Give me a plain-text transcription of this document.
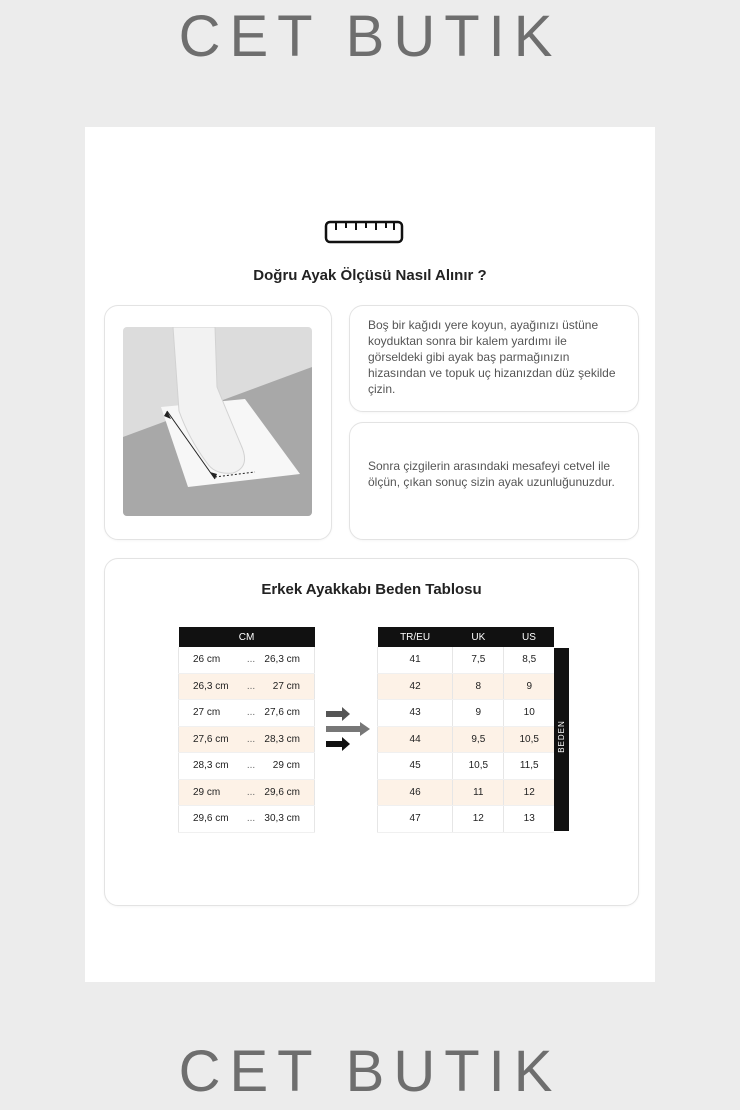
CET BUTIK
Doğru Ayak Ölçüsü Nasıl Alınır ?
Boş bir kağıdı yere koyun, ayağınızı üstüne koyduktan sonra bir kalem yardımı ile görseldeki gibi ayak baş parmağınızın hizasından ve topuk uç hizanızdan düz şekilde çizin.
Sonra çizgilerin arasındaki mesafeyi cetvel ile ölçün, çıkan sonuç sizin ayak uzunluğunuzdur.
Erkek Ayakkabı Beden Tablosu
CM		
26 cm	...	26,3 cm
26,3 cm	...	27 cm
27 cm	...	27,6 cm
27,6 cm	...	28,3 cm
28,3 cm	...	29 cm
29 cm	...	29,6 cm
29,6 cm	...	30,3 cm
TR/EU	UK	US
41	7,5	8,5
42	8	9
43	9	10
44	9,5	10,5
45	10,5	11,5
46	11	12
47	12	13
BEDEN
CET BUTIK
